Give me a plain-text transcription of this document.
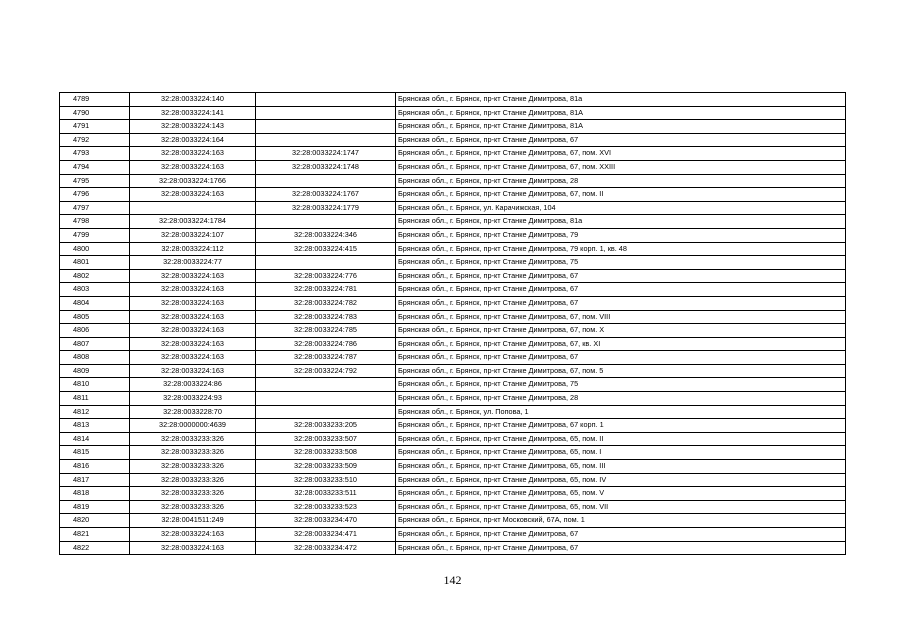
4789	32:28:0033224:140		Брянская обл., г. Брянск, пр-кт Станке Димитрова, 81а
4790	32:28:0033224:141		Брянская обл., г. Брянск, пр-кт Станке Димитрова, 81А
4791	32:28:0033224:143		Брянская обл., г. Брянск, пр-кт Станке Димитрова, 81А
4792	32:28:0033224:164		Брянская обл., г. Брянск, пр-кт Станке Димитрова, 67
4793	32:28:0033224:163	32:28:0033224:1747	Брянская обл., г. Брянск, пр-кт Станке Димитрова, 67, пом. XVI
4794	32:28:0033224:163	32:28:0033224:1748	Брянская обл., г. Брянск, пр-кт Станке Димитрова, 67, пом. XXIII
4795	32:28:0033224:1766		Брянская обл., г. Брянск, пр-кт Станке Димитрова, 28
4796	32:28:0033224:163	32:28:0033224:1767	Брянская обл., г. Брянск, пр-кт Станке Димитрова, 67, пом. II
4797		32:28:0033224:1779	Брянская обл., г. Брянск, ул. Карачижская, 104
4798	32:28:0033224:1784		Брянская обл., г. Брянск, пр-кт Станке Димитрова, 81а
4799	32:28:0033224:107	32:28:0033224:346	Брянская обл., г. Брянск, пр-кт Станке Димитрова, 79
4800	32:28:0033224:112	32:28:0033224:415	Брянская обл., г. Брянск, пр-кт Станке Димитрова, 79 корп. 1, кв. 48
4801	32:28:0033224:77		Брянская обл., г. Брянск, пр-кт Станке Димитрова, 75
4802	32:28:0033224:163	32:28:0033224:776	Брянская обл., г. Брянск, пр-кт Станке Димитрова, 67
4803	32:28:0033224:163	32:28:0033224:781	Брянская обл., г. Брянск, пр-кт Станке Димитрова, 67
4804	32:28:0033224:163	32:28:0033224:782	Брянская обл., г. Брянск, пр-кт Станке Димитрова, 67
4805	32:28:0033224:163	32:28:0033224:783	Брянская обл., г. Брянск, пр-кт Станке Димитрова, 67, пом. VIII
4806	32:28:0033224:163	32:28:0033224:785	Брянская обл., г. Брянск, пр-кт Станке Димитрова, 67, пом. X
4807	32:28:0033224:163	32:28:0033224:786	Брянская обл., г. Брянск, пр-кт Станке Димитрова, 67, кв. XI
4808	32:28:0033224:163	32:28:0033224:787	Брянская обл., г. Брянск, пр-кт Станке Димитрова, 67
4809	32:28:0033224:163	32:28:0033224:792	Брянская обл., г. Брянск, пр-кт Станке Димитрова, 67, пом. 5
4810	32:28:0033224:86		Брянская обл., г. Брянск, пр-кт Станке Димитрова, 75
4811	32:28:0033224:93		Брянская обл., г. Брянск, пр-кт Станке Димитрова, 28
4812	32:28:0033228:70		Брянская обл., г. Брянск, ул. Попова, 1
4813	32:28:0000000:4639	32:28:0033233:205	Брянская обл., г. Брянск, пр-кт Станке Димитрова, 67 корп. 1
4814	32:28:0033233:326	32:28:0033233:507	Брянская обл., г. Брянск, пр-кт Станке Димитрова, 65, пом. II
4815	32:28:0033233:326	32:28:0033233:508	Брянская обл., г. Брянск, пр-кт Станке Димитрова, 65, пом. I
4816	32:28:0033233:326	32:28:0033233:509	Брянская обл., г. Брянск, пр-кт Станке Димитрова, 65, пом. III
4817	32:28:0033233:326	32:28:0033233:510	Брянская обл., г. Брянск, пр-кт Станке Димитрова, 65, пом. IV
4818	32:28:0033233:326	32:28:0033233:511	Брянская обл., г. Брянск, пр-кт Станке Димитрова, 65, пом. V
4819	32:28:0033233:326	32:28:0033233:523	Брянская обл., г. Брянск, пр-кт Станке Димитрова, 65, пом. VII
4820	32:28:0041511:249	32:28:0033234:470	Брянская обл., г. Брянск, пр-кт Московский, 67А, пом. 1
4821	32:28:0033224:163	32:28:0033234:471	Брянская обл., г. Брянск, пр-кт Станке Димитрова, 67
4822	32:28:0033224:163	32:28:0033234:472	Брянская обл., г. Брянск, пр-кт Станке Димитрова, 67
142
